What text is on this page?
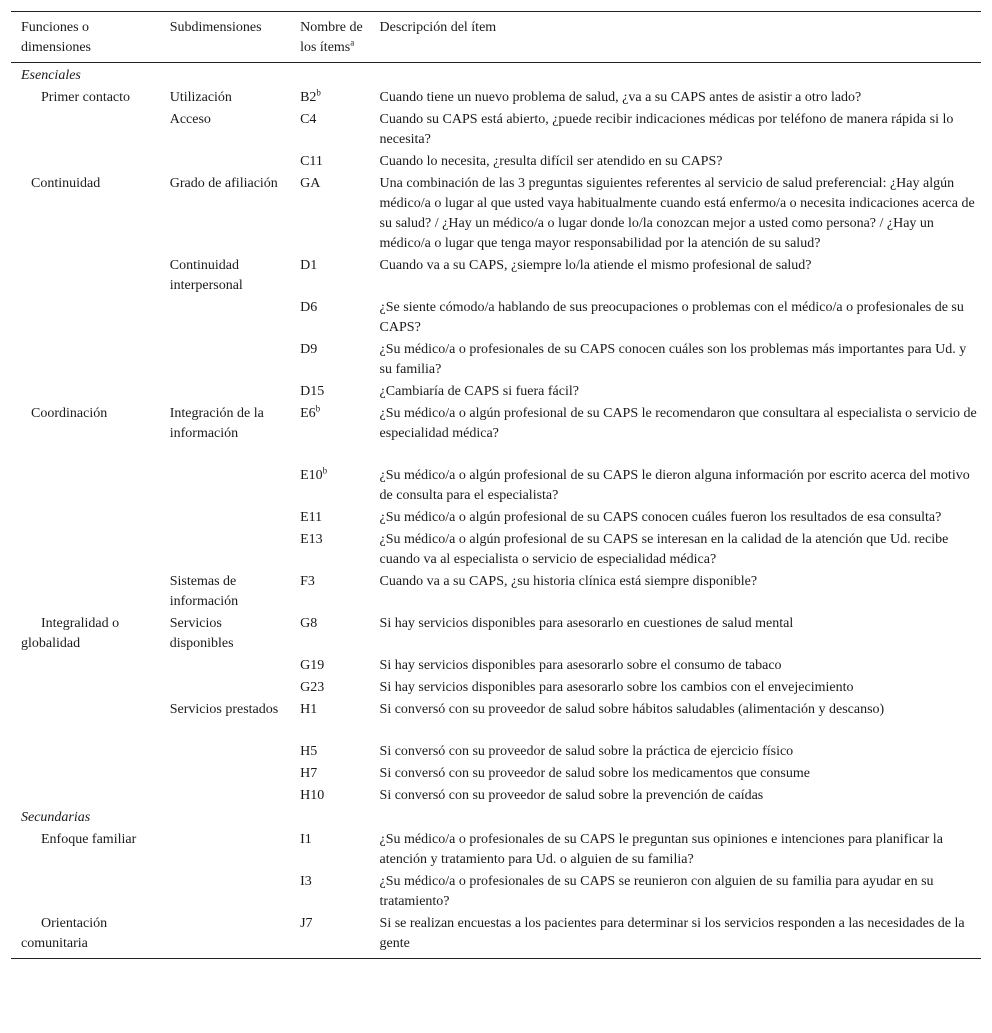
Funciones o dimensiones	Subdimensiones	Nombre de los ítems$^a$	Descripción del ítem
Esenciales			
Primer contacto	Utilización	B2$^b$	Cuando tiene un nuevo problema de salud, ¿va a su CAPS antes de asistir a otro lado?
	Acceso	C4	Cuando su CAPS está abierto, ¿puede recibir indicaciones médicas por teléfono de manera rápida si lo necesita?
		C11	Cuando lo necesita, ¿resulta difícil ser atendido en su CAPS?
Continuidad	Grado de afiliación	GA	Una combinación de las 3 preguntas siguientes referentes al servicio de salud preferencial: ¿Hay algún médico/a o lugar al que usted vaya habitualmente cuando está enfermo/a o necesita indicaciones acerca de su salud? / ¿Hay un médico/a o lugar donde lo/la conozcan mejor a usted como persona? / ¿Hay un médico/a o lugar que tenga mayor responsabilidad por la atención de su salud?
	Continuidad interpersonal	D1	Cuando va a su CAPS, ¿siempre lo/la atiende el mismo profesional de salud?
		D6	¿Se siente cómodo/a hablando de sus preocupaciones o problemas con el médico/a o profesionales de su CAPS?
		D9	¿Su médico/a o profesionales de su CAPS conocen cuáles son los problemas más importantes para Ud. y su familia?
		D15	¿Cambiaría de CAPS si fuera fácil?
Coordinación	Integración de la información	E6$^b$	¿Su médico/a o algún profesional de su CAPS le recomendaron que consultara al especialista o servicio de especialidad médica?
		E10$^b$	¿Su médico/a o algún profesional de su CAPS le dieron alguna información por escrito acerca del motivo de consulta para el especialista?
		E11	¿Su médico/a o algún profesional de su CAPS conocen cuáles fueron los resultados de esa consulta?
		E13	¿Su médico/a o algún profesional de su CAPS se interesan en la calidad de la atención que Ud. recibe cuando va al especialista o servicio de especialidad médica?
	Sistemas de información	F3	Cuando va a su CAPS, ¿su historia clínica está siempre disponible?
Integralidad o globalidad	Servicios disponibles	G8	Si hay servicios disponibles para asesorarlo en cuestiones de salud mental
		G19	Si hay servicios disponibles para asesorarlo sobre el consumo de tabaco
		G23	Si hay servicios disponibles para asesorarlo sobre los cambios con el envejecimiento
	Servicios prestados	H1	Si conversó con su proveedor de salud sobre hábitos saludables (alimentación y descanso)
		H5	Si conversó con su proveedor de salud sobre la práctica de ejercicio físico
		H7	Si conversó con su proveedor de salud sobre los medicamentos que consume
		H10	Si conversó con su proveedor de salud sobre la prevención de caídas
Secundarias			
Enfoque familiar		I1	¿Su médico/a o profesionales de su CAPS le preguntan sus opiniones e intenciones para planificar la atención y tratamiento para Ud. o alguien de su familia?
		I3	¿Su médico/a o profesionales de su CAPS se reunieron con alguien de su familia para ayudar en su tratamiento?
Orientación comunitaria		J7	Si se realizan encuestas a los pacientes para determinar si los servicios responden a las necesidades de la gente
